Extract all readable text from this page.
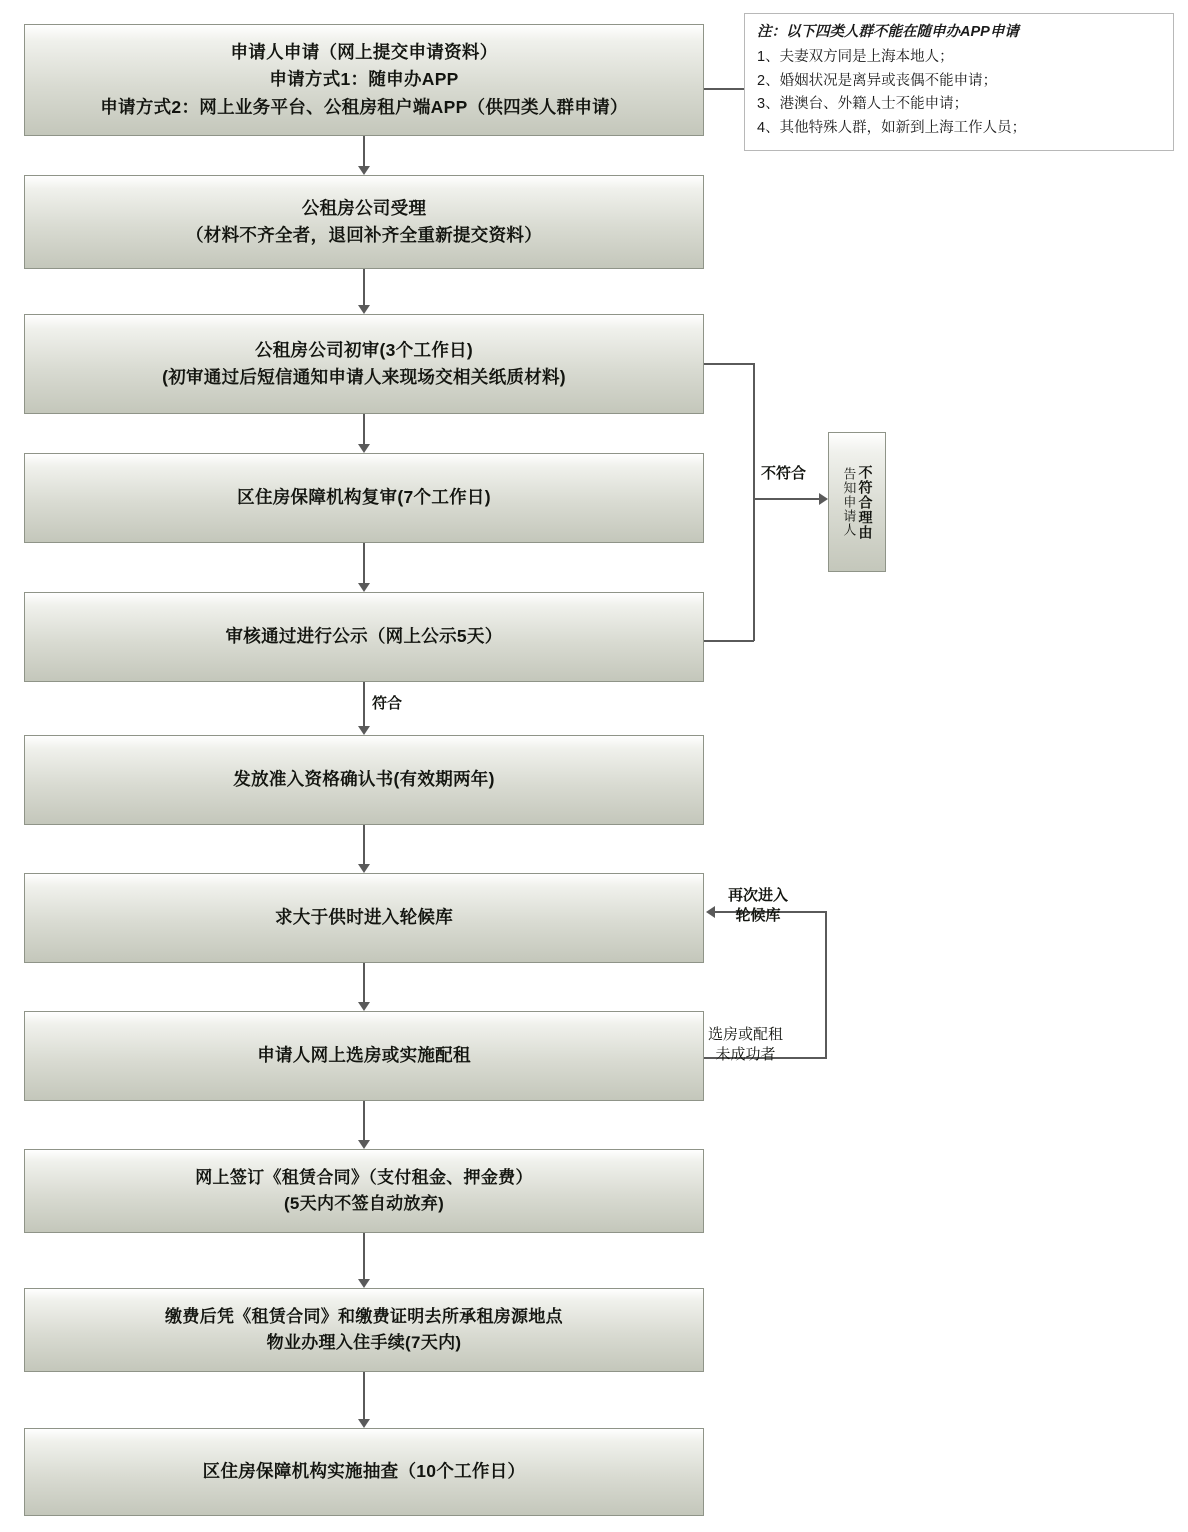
申请人申请（网上提交申请资料）
申请方式1：随申办APP
申请方式2：网上业务平台、公租房租户端APP（供四类人群申请）
注：以下四类人群不能在随申办APP申请
1、夫妻双方同是上海本地人；
2、婚姻状况是离异或丧偶不能申请；
3、港澳台、外籍人士不能申请；
4、其他特殊人群，如新到上海工作人员；
公租房公司受理
（材料不齐全者，退回补齐全重新提交资料）
公租房公司初审(3个工作日)
(初审通过后短信通知申请人来现场交相关纸质材料)
区住房保障机构复审(7个工作日)
审核通过进行公示（网上公示5天）
不符合	告知申请人 不符合理由
发放准入资格确认书(有效期两年)
符合
求大于供时进入轮候库
申请人网上选房或实施配租
再次进入
轮候库
选房或配租
未成功者
网上签订《租赁合同》（支付租金、押金费）
(5天内不签自动放弃)
缴费后凭《租赁合同》和缴费证明去所承租房源地点
物业办理入住手续(7天内)
区住房保障机构实施抽查（10个工作日）
